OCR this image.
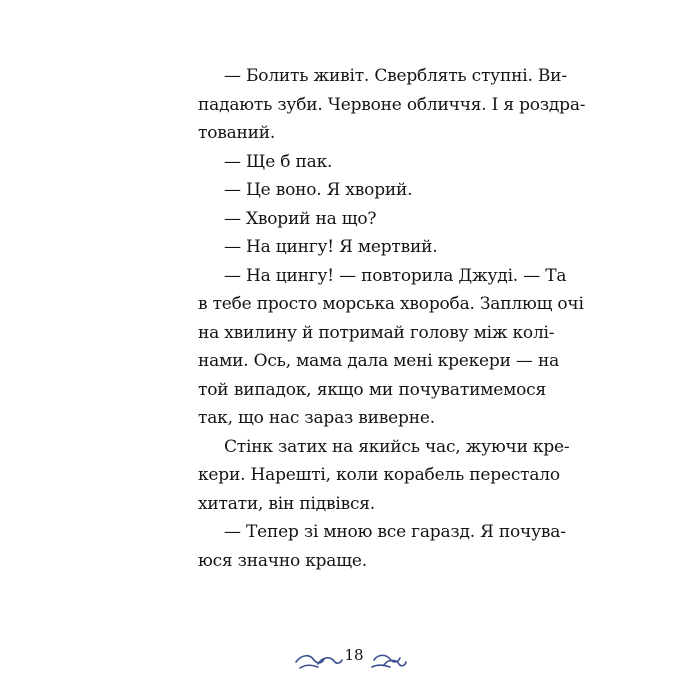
— Болить живіт. Сверблять ступні. Ви-
падають зуби. Червоне обличчя. І я роздра-
тований.
— Ще б пак.
— Це воно. Я хворий.
— Хворий на що?
— На цингу! Я мертвий.
— На цингу! — повторила Джуді. — Та
в тебе просто морська хвороба. Заплющ очі
на хвилину й потримай голову між колі-
нами. Ось, мама дала мені крекери — на
той випадок, якщо ми почуватимемося
так, що нас зараз виверне.
Стінк затих на якийсь час, жуючи кре-
кери. Нарешті, коли корабель перестало
хитати, він підвівся.
— Тепер зі мною все гаразд. Я почува-
юся значно краще.
18
